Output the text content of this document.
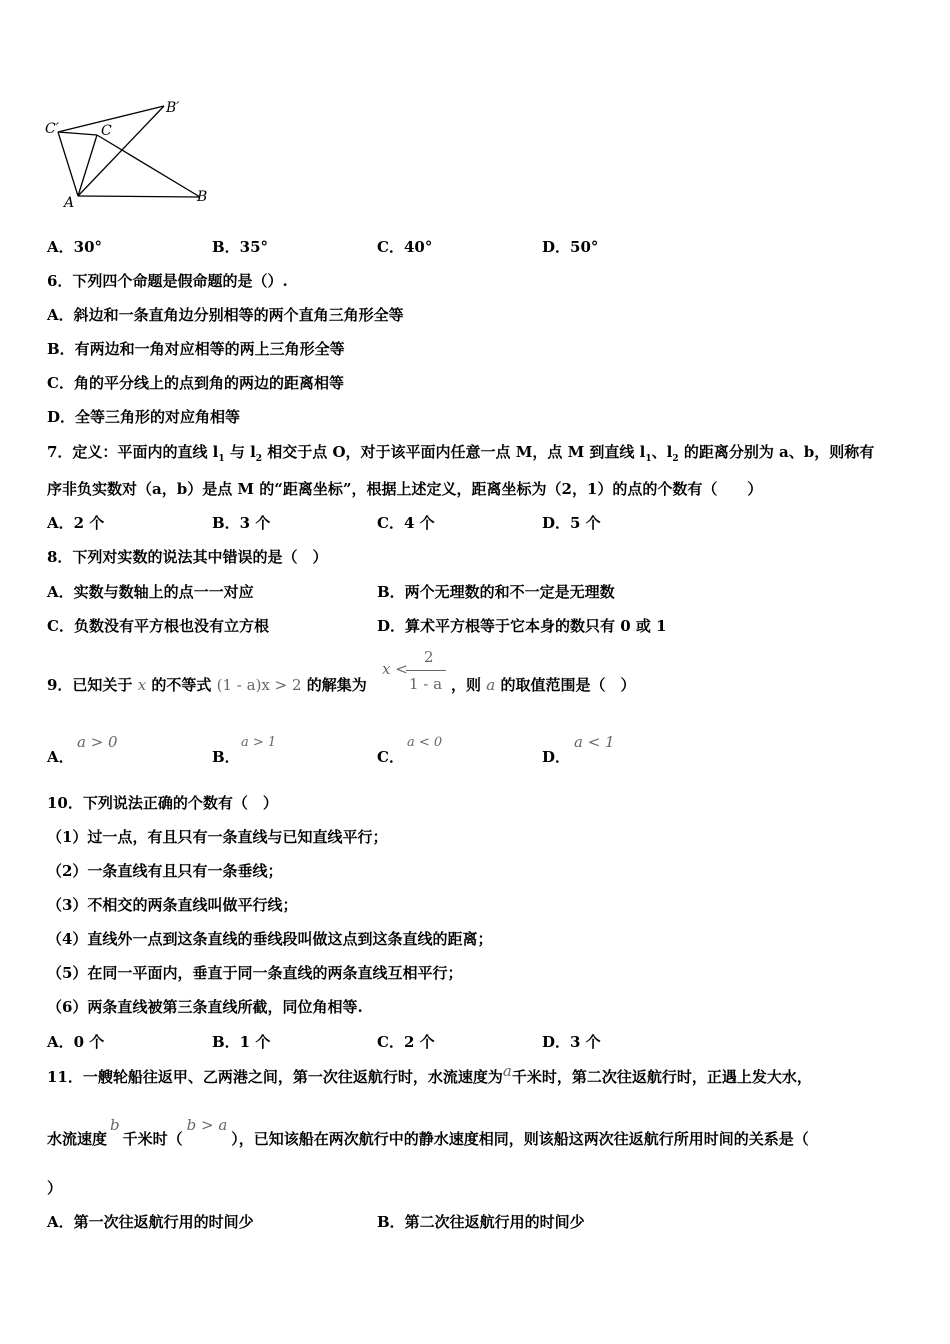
C′	C
B′
A	B
A．30°	B．35°	C．40°	D．50°
6．下列四个命题是假命题的是（）.
A．斜边和一条直角边分别相等的两个直角三角形全等
B．有两边和一角对应相等的两上三角形全等
C．角的平分线上的点到角的两边的距离相等
D．全等三角形的对应角相等
7．定义：平面内的直线 $l_1$ 与 $l_2$ 相交于点 O，对于该平面内任意一点 M，点 M 到直线 $l_1$、$l_2$ 的距离分别为 a、b，则称有
序非负实数对（a，b）是点 M 的“距离坐标”，根据上述定义，距离坐标为（2，1）的点的个数有（　　）
A．2 个	B．3 个	C．4 个	D．5 个
8．下列对实数的说法其中错误的是（　）
A．实数与数轴上的点一一对应	B．两个无理数的和不一定是无理数
C．负数没有平方根也没有立方根	D．算术平方根等于它本身的数只有 0 或 1
9．已知关于 x 的不等式 (1 - a)x > 2 的解集为
x <
2
1 - a ，则 a 的取值范围是（　）
A．
a > 0
B．
a > 1
C．
a < 0
D．
a < 1
10．下列说法正确的个数有（　）
（1）过一点，有且只有一条直线与已知直线平行；
（2）一条直线有且只有一条垂线；
（3）不相交的两条直线叫做平行线；
（4）直线外一点到这条直线的垂线段叫做这点到这条直线的距离；
（5）在同一平面内，垂直于同一条直线的两条直线互相平行；
（6）两条直线被第三条直线所截，同位角相等.
A．0 个	B．1 个	C．2 个	D．3 个
11．一艘轮船往返甲、乙两港之间，第一次往返航行时，水流速度为a千米时，第二次往返航行时，正遇上发大水，
水流速度b千米时（b > a），已知该船在两次航行中的静水速度相同，则该船这两次往返航行所用时间的关系是（
）
A．第一次往返航行用的时间少	B．第二次往返航行用的时间少
